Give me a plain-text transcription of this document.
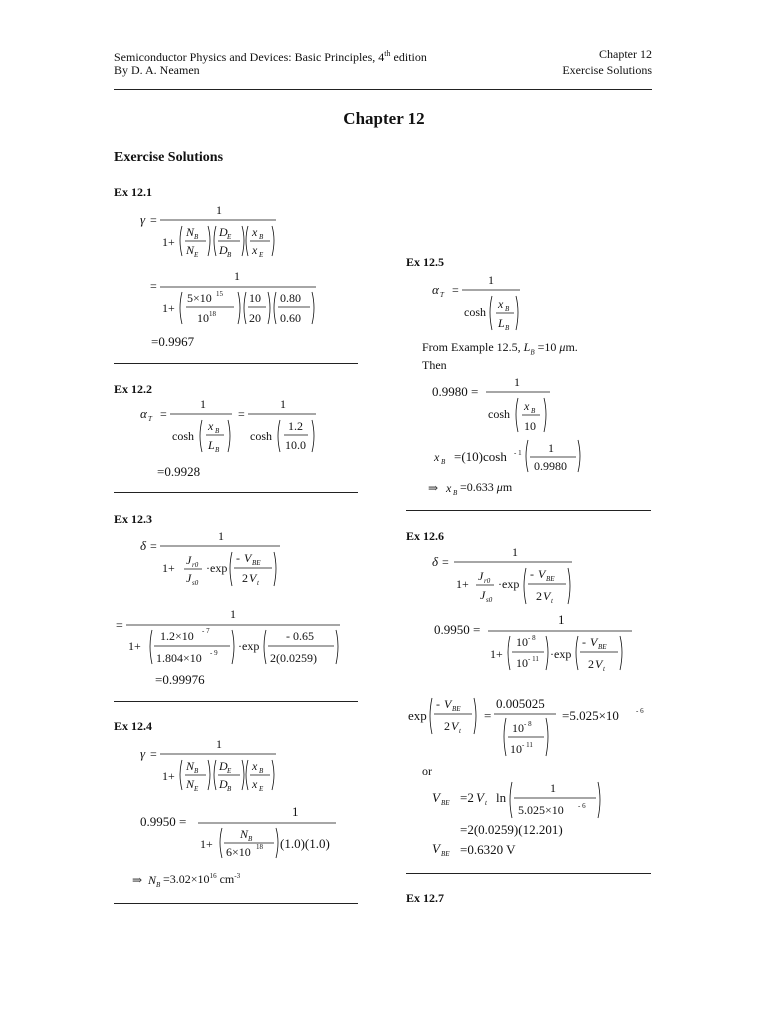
Semiconductor Physics and Devices: Basic Principles, 4th edition
By D. A. Neamen
Chapter 12
Exercise Solutions
Chapter 12
Exercise Solutions
Ex 12.1
γ =
1
1+
N B
N E
D E
D B
x B
x E
=
1
1+
5×10 15
10 18
10
20
0.80
0.60
=0.9967
Ex 12.2
α T =
1
cosh
x B
L B
=
1
cosh
1.2
10.0
=0.9928
Ex 12.3
δ =
1
1+
J r0
J s0
·exp
- V BE
2 V t
=
1
1+
1.2×10 - 7
1.804×10 - 9 ·exp
- 0.65
2(0.0259)
=0.99976
Ex 12.4
γ =
1
1+
N B
N E
D E
D B
x B
x E
0.9950 =
1
1+
N B
6×10 18 (1.0)(1.0)
⇒ N $B =3.02\times 10^{16}$ $cm^{-3}$
Ex 12.5
α T =
1
cosh
x B
L B
From Example 12.5, $L_B =10$ μm.
Then
0.9980 =
1
cosh
x B
10
x B =(10)cosh - 1 1
0.9980
⇒ x B =0.633 μm
Ex 12.6
δ =
1
1+
J r0
J s0
·exp
- V BE
2 V t
0.9950 =
1
1+
10 - 8
10 - 11 ·exp
- V BE
2 V t
exp
- V BE
2 V t
=
0.005025
10 - 8
10 - 11
=5.025×10 - 6
or
V BE =2 V t ln
1
5.025×10 - 6
=2(0.0259)(12.201)
V BE =0.6320 V
Ex 12.7
